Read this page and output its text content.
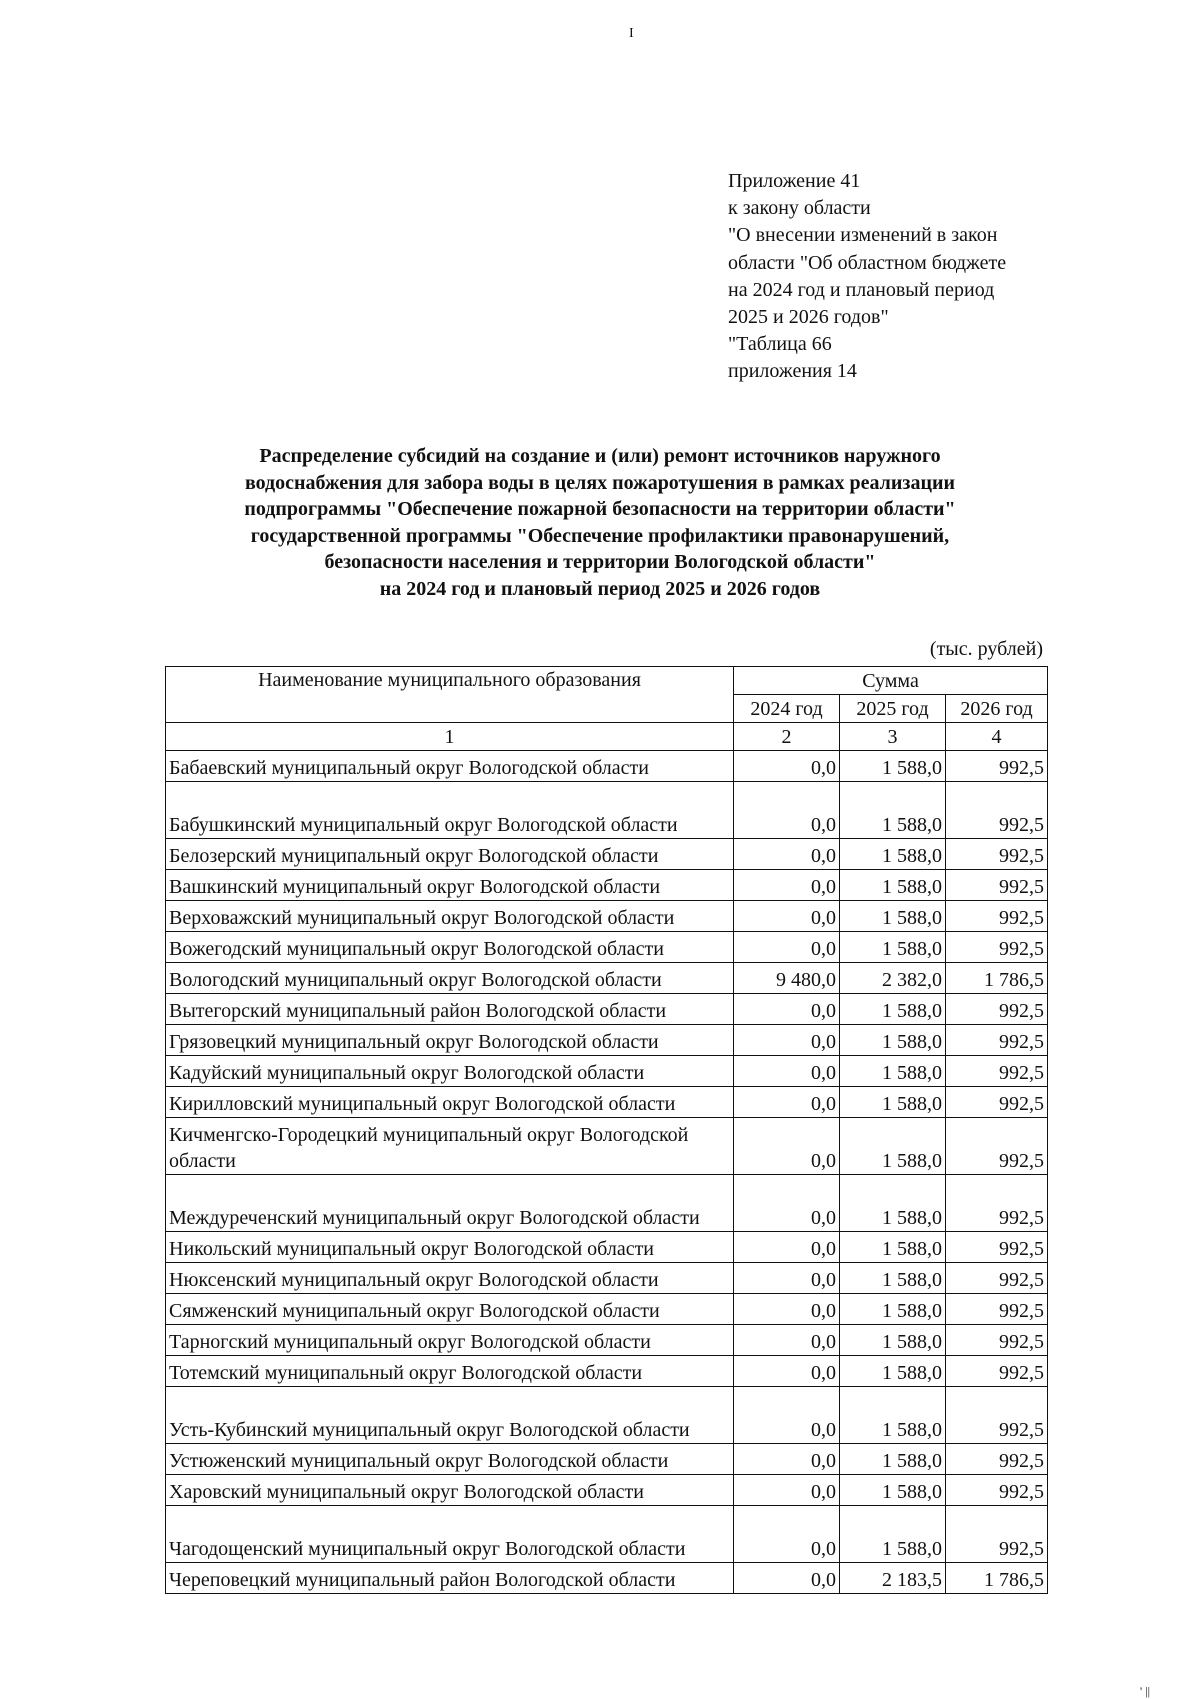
I
Приложение 41
к закону области
"О внесении изменений в закон
области "Об областном бюджете
на 2024 год и плановый период
2025 и 2026 годов"
"Таблица 66
приложения 14
Распределение субсидий на создание и (или) ремонт источников наружного
водоснабжения для забора воды в целях пожаротушения в рамках реализации
подпрограммы "Обеспечение пожарной безопасности на территории области"
государственной программы "Обеспечение профилактики правонарушений,
безопасности населения и территории Вологодской области"
на 2024 год и плановый период 2025 и 2026 годов
(тыс. рублей)
Наименование муниципального образования	Сумма		
	2024 год	2025 год	2026 год
1	2	3	4
Бабаевский муниципальный округ Вологодской области	0,0	1 588,0	992,5
Бабушкинский муниципальный округ Вологодской области	0,0	1 588,0	992,5
Белозерский муниципальный округ Вологодской области	0,0	1 588,0	992,5
Вашкинский муниципальный округ Вологодской области	0,0	1 588,0	992,5
Верховажский муниципальный округ Вологодской области	0,0	1 588,0	992,5
Вожегодский муниципальный округ Вологодской области	0,0	1 588,0	992,5
Вологодский муниципальный округ Вологодской области	9 480,0	2 382,0	1 786,5
Вытегорский муниципальный район Вологодской области	0,0	1 588,0	992,5
Грязовецкий муниципальный округ Вологодской области	0,0	1 588,0	992,5
Кадуйский муниципальный округ Вологодской области	0,0	1 588,0	992,5
Кирилловский муниципальный округ Вологодской области	0,0	1 588,0	992,5
Кичменгско-Городецкий муниципальный округ Вологодской области	0,0	1 588,0	992,5
Междуреченский муниципальный округ Вологодской области	0,0	1 588,0	992,5
Никольский муниципальный округ Вологодской области	0,0	1 588,0	992,5
Нюксенский муниципальный округ Вологодской области	0,0	1 588,0	992,5
Сямженский муниципальный округ Вологодской области	0,0	1 588,0	992,5
Тарногский муниципальный округ Вологодской области	0,0	1 588,0	992,5
Тотемский муниципальный округ Вологодской области	0,0	1 588,0	992,5
Усть-Кубинский муниципальный округ Вологодской области	0,0	1 588,0	992,5
Устюженский муниципальный округ Вологодской области	0,0	1 588,0	992,5
Харовский муниципальный округ Вологодской области	0,0	1 588,0	992,5
Чагодощенский муниципальный округ Вологодской области	0,0	1 588,0	992,5
Череповецкий муниципальный район Вологодской области	0,0	2 183,5	1 786,5
' ||
